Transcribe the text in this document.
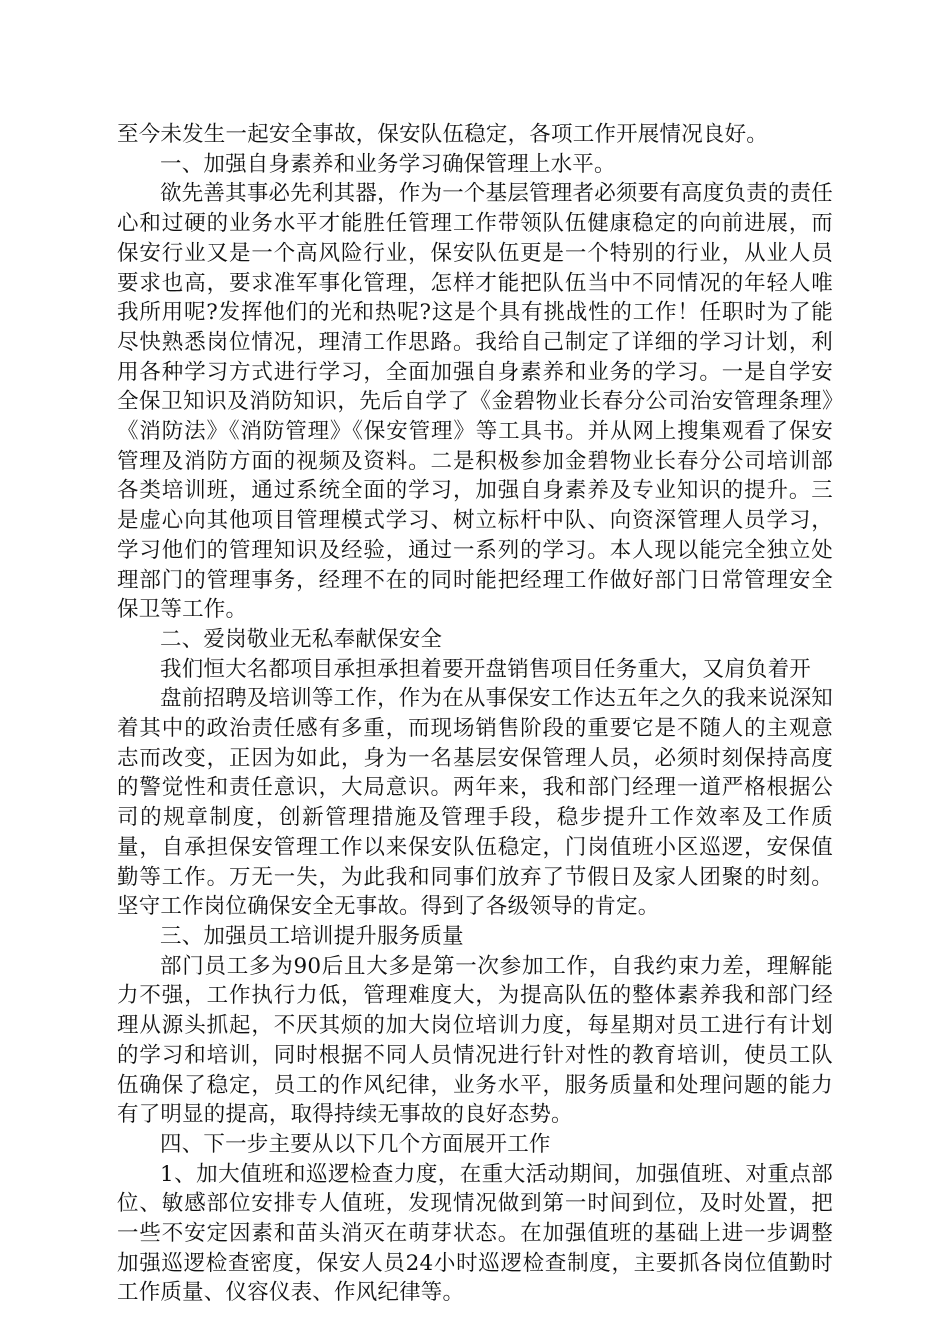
至今未发生一起安全事故，保安队伍稳定，各项工作开展情况良好。

一、加强自身素养和业务学习确保管理上水平。

欲先善其事必先利其器，作为一个基层管理者必须要有高度负责的责任心和过硬的业务水平才能胜任管理工作带领队伍健康稳定的向前进展，而保安行业又是一个高风险行业，保安队伍更是一个特别的行业，从业人员要求也高，要求准军事化管理，怎样才能把队伍当中不同情况的年轻人唯我所用呢?发挥他们的光和热呢?这是个具有挑战性的工作！任职时为了能尽快熟悉岗位情况，理清工作思路。我给自己制定了详细的学习计划，利用各种学习方式进行学习，全面加强自身素养和业务的学习。一是自学安全保卫知识及消防知识，先后自学了《金碧物业长春分公司治安管理条理》《消防法》《消防管理》《保安管理》等工具书。并从网上搜集观看了保安管理及消防方面的视频及资料。二是积极参加金碧物业长春分公司培训部各类培训班，通过系统全面的学习，加强自身素养及专业知识的提升。三是虚心向其他项目管理模式学习、树立标杆中队、向资深管理人员学习，学习他们的管理知识及经验，通过一系列的学习。本人现以能完全独立处理部门的管理事务，经理不在的同时能把经理工作做好部门日常管理安全保卫等工作。

二、爱岗敬业无私奉献保安全

我们恒大名都项目承担承担着要开盘销售项目任务重大，又肩负着开

盘前招聘及培训等工作，作为在从事保安工作达五年之久的我来说深知着其中的政治责任感有多重，而现场销售阶段的重要它是不随人的主观意志而改变，正因为如此，身为一名基层安保管理人员，必须时刻保持高度的警觉性和责任意识，大局意识。两年来，我和部门经理一道严格根据公司的规章制度，创新管理措施及管理手段，稳步提升工作效率及工作质量，自承担保安管理工作以来保安队伍稳定，门岗值班小区巡逻，安保值勤等工作。万无一失，为此我和同事们放弃了节假日及家人团聚的时刻。坚守工作岗位确保安全无事故。得到了各级领导的肯定。

三、加强员工培训提升服务质量

部门员工多为90后且大多是第一次参加工作，自我约束力差，理解能力不强，工作执行力低，管理难度大，为提高队伍的整体素养我和部门经理从源头抓起，不厌其烦的加大岗位培训力度，每星期对员工进行有计划的学习和培训，同时根据不同人员情况进行针对性的教育培训，使员工队伍确保了稳定，员工的作风纪律，业务水平，服务质量和处理问题的能力有了明显的提高，取得持续无事故的良好态势。

四、下一步主要从以下几个方面展开工作

1、加大值班和巡逻检查力度，在重大活动期间，加强值班、对重点部位、敏感部位安排专人值班，发现情况做到第一时间到位，及时处置，把一些不安定因素和苗头消灭在萌芽状态。在加强值班的基础上进一步调整加强巡逻检查密度，保安人员24小时巡逻检查制度，主要抓各岗位值勤时工作质量、仪容仪表、作风纪律等。
